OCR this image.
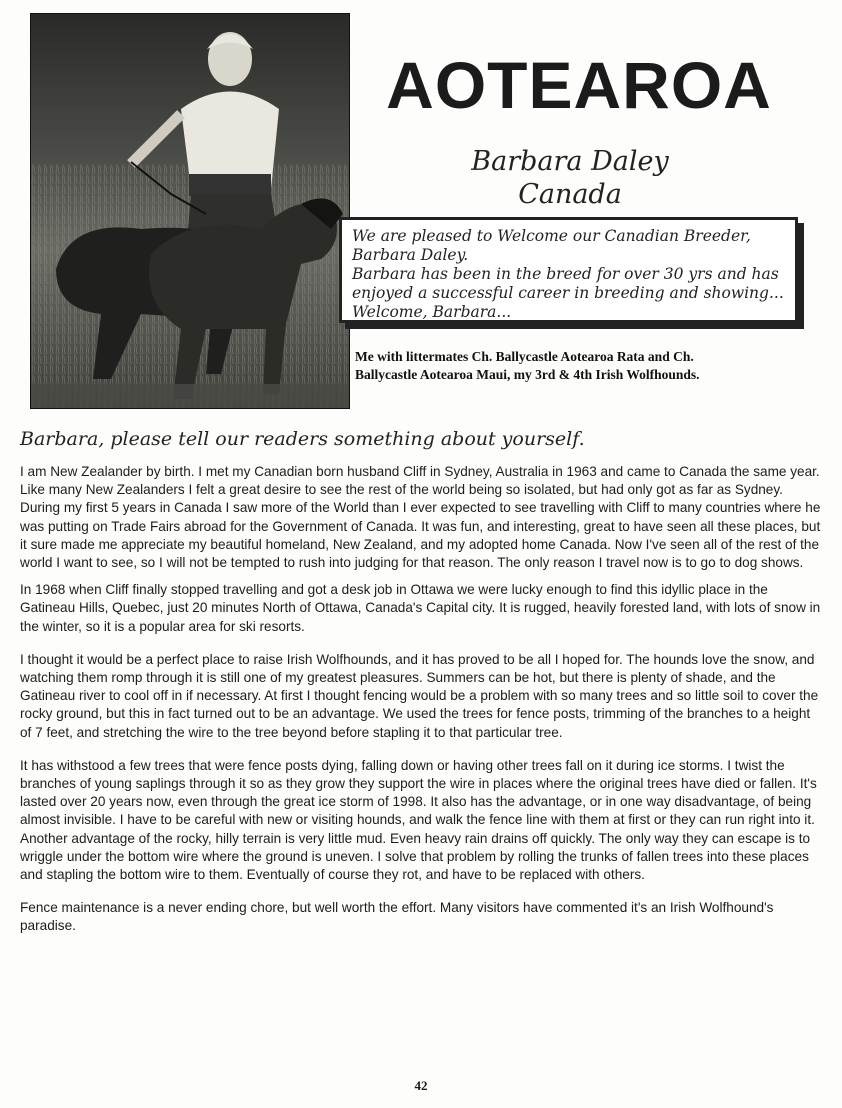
AOTEAROA
Barbara Daley
Canada
We are pleased to Welcome our Canadian Breeder,
Barbara Daley.
Barbara has been in the breed for over 30 yrs and has
enjoyed a successful career in breeding and showing...
Welcome, Barbara...
Me with littermates Ch. Ballycastle Aotearoa Rata and Ch.
Ballycastle Aotearoa Maui, my 3rd & 4th Irish Wolfhounds.
Barbara, please tell our readers something about yourself.

I am New Zealander by birth. I met my Canadian born husband Cliff in Sydney, Australia in 1963 and came to Canada the same year. Like many New Zealanders I felt a great desire to see the rest of the world being so isolated, but had only got as far as Sydney. During my first 5 years in Canada I saw more of the World than I ever expected to see travelling with Cliff to many countries where he was putting on Trade Fairs abroad for the Government of Canada. It was fun, and interesting, great to have seen all these places, but it sure made me appreciate my beautiful homeland, New Zealand, and my adopted home Canada. Now I've seen all of the rest of the world I want to see, so I will not be tempted to rush into judging for that reason. The only reason I travel now is to go to dog shows.

In 1968 when Cliff finally stopped travelling and got a desk job in Ottawa we were lucky enough to find this idyllic place in the Gatineau Hills, Quebec, just 20 minutes North of Ottawa, Canada's Capital city. It is rugged, heavily forested land, with lots of snow in the winter, so it is a popular area for ski resorts.

I thought it would be a perfect place to raise Irish Wolfhounds, and it has proved to be all I hoped for. The hounds love the snow, and watching them romp through it is still one of my greatest pleasures. Summers can be hot, but there is plenty of shade, and the Gatineau river to cool off in if necessary. At first I thought fencing would be a problem with so many trees and so little soil to cover the rocky ground, but this in fact turned out to be an advantage. We used the trees for fence posts, trimming of the branches to a height of 7 feet, and stretching the wire to the tree beyond before stapling it to that particular tree.

It has withstood a few trees that were fence posts dying, falling down or having other trees fall on it during ice storms. I twist the branches of young saplings through it so as they grow they support the wire in places where the original trees have died or fallen. It's lasted over 20 years now, even through the great ice storm of 1998. It also has the advantage, or in one way disadvantage, of being almost invisible. I have to be careful with new or visiting hounds, and walk the fence line with them at first or they can run right into it. Another advantage of the rocky, hilly terrain is very little mud. Even heavy rain drains off quickly. The only way they can escape is to wriggle under the bottom wire where the ground is uneven. I solve that problem by rolling the trunks of fallen trees into these places and stapling the bottom wire to them. Eventually of course they rot, and have to be replaced with others.

Fence maintenance is a never ending chore, but well worth the effort. Many visitors have commented it's an Irish Wolfhound's paradise.

42
